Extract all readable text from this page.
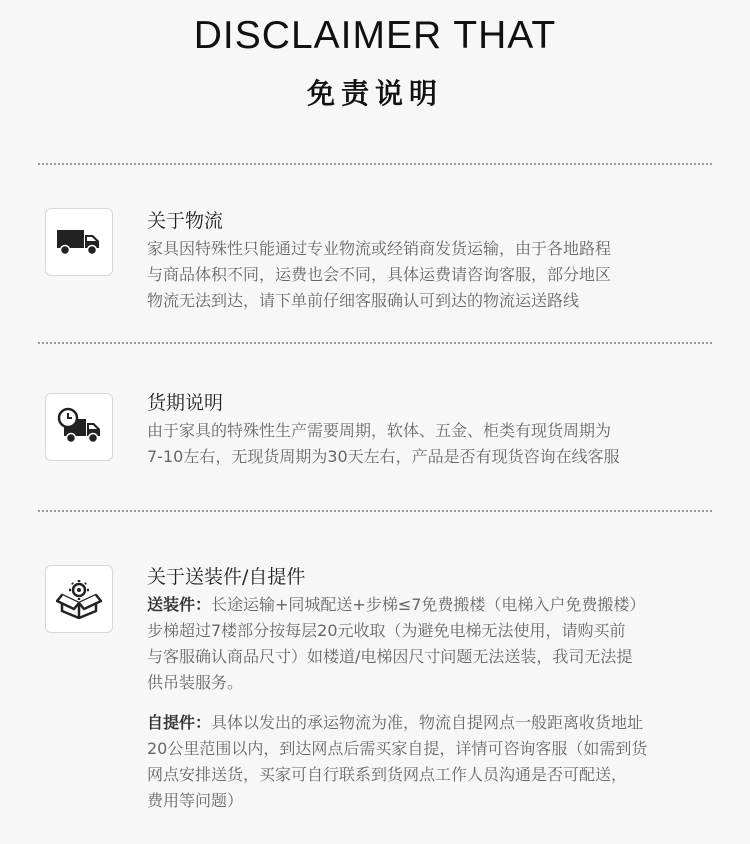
DISCLAIMER THAT
免责说明
关于物流
家具因特殊性只能通过专业物流或经销商发货运输，由于各地路程
与商品体积不同，运费也会不同，具体运费请咨询客服，部分地区
物流无法到达，请下单前仔细客服确认可到达的物流运送路线
货期说明
由于家具的特殊性生产需要周期，软体、五金、柜类有现货周期为
7-10左右，无现货周期为30天左右，产品是否有现货咨询在线客服
关于送装件/自提件
送装件：长途运输+同城配送+步梯≤7免费搬楼（电梯入户免费搬楼）
步梯超过7楼部分按每层20元收取（为避免电梯无法使用，请购买前
与客服确认商品尺寸）如楼道/电梯因尺寸问题无法送装，我司无法提
供吊装服务。
自提件：具体以发出的承运物流为准，物流自提网点一般距离收货地址
20公里范围以内，到达网点后需买家自提，详情可咨询客服（如需到货
网点安排送货，买家可自行联系到货网点工作人员沟通是否可配送，
费用等问题）
